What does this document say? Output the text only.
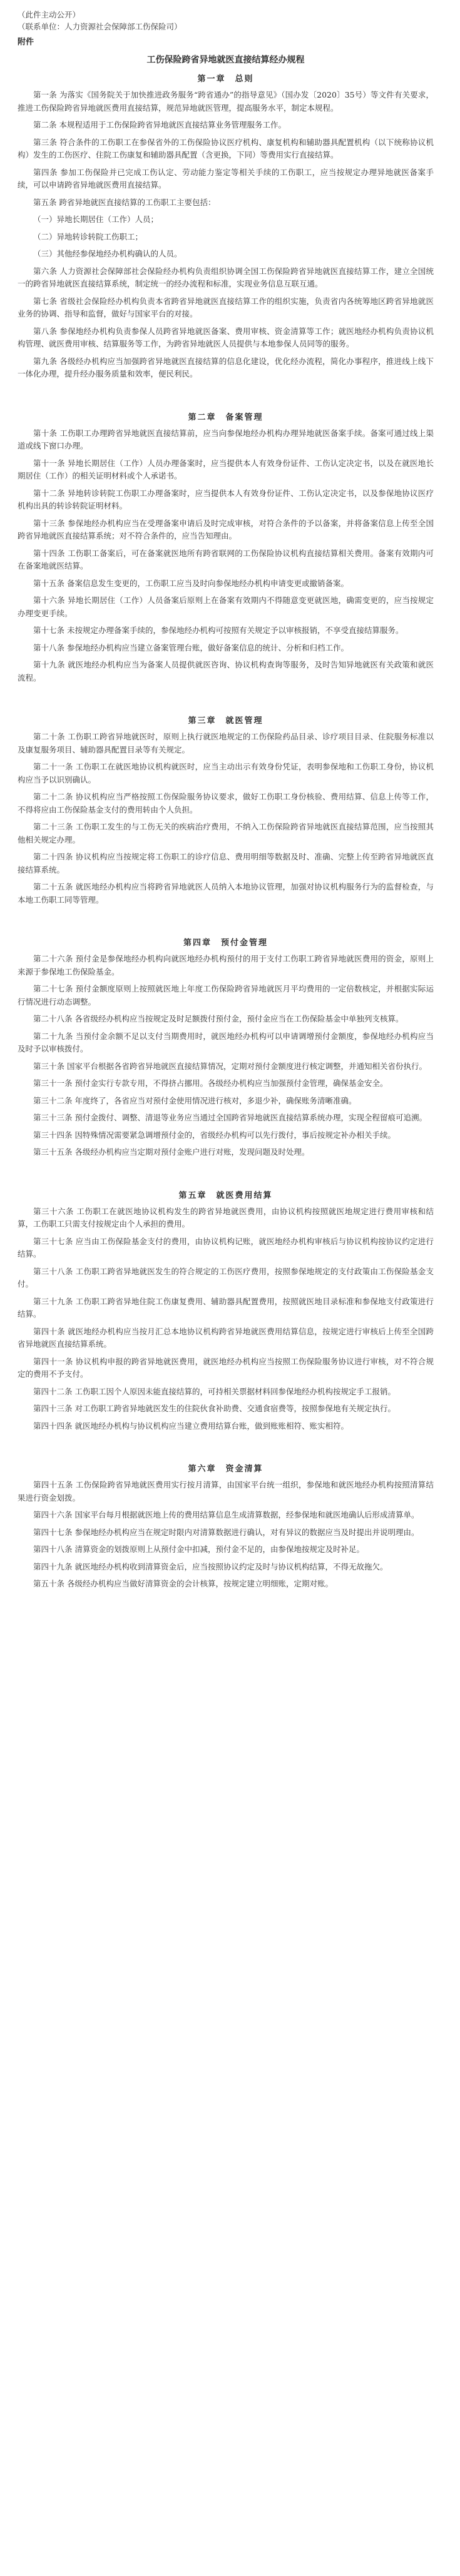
（此件主动公开）
（联系单位：人力资源社会保障部工伤保险司）
附件
工伤保险跨省异地就医直接结算经办规程
第一章　总则

第一条 为落实《国务院关于加快推进政务服务“跨省通办”的指导意见》（国办发〔2020〕35号）等文件有关要求，推进工伤保险跨省异地就医费用直接结算，规范异地就医管理，提高服务水平，制定本规程。

第二条 本规程适用于工伤保险跨省异地就医直接结算业务管理服务工作。

第三条 符合条件的工伤职工在参保省外的工伤保险协议医疗机构、康复机构和辅助器具配置机构（以下统称协议机构）发生的工伤医疗、住院工伤康复和辅助器具配置（含更换，下同）等费用实行直接结算。

第四条 参加工伤保险并已完成工伤认定、劳动能力鉴定等相关手续的工伤职工，应当按规定办理异地就医备案手续，可以申请跨省异地就医费用直接结算。

第五条 跨省异地就医直接结算的工伤职工主要包括：

（一）异地长期居住（工作）人员；

（二）异地转诊转院工伤职工；

（三）其他经参保地经办机构确认的人员。

第六条 人力资源社会保障部社会保险经办机构负责组织协调全国工伤保险跨省异地就医直接结算工作，建立全国统一的跨省异地就医直接结算系统，制定统一的经办流程和标准，实现业务信息互联互通。

第七条 省级社会保险经办机构负责本省跨省异地就医直接结算工作的组织实施，负责省内各统筹地区跨省异地就医业务的协调、指导和监督，做好与国家平台的对接。

第八条 参保地经办机构负责参保人员跨省异地就医备案、费用审核、资金清算等工作；就医地经办机构负责协议机构管理、就医费用审核、结算服务等工作，为跨省异地就医人员提供与本地参保人员同等的服务。

第九条 各级经办机构应当加强跨省异地就医直接结算的信息化建设，优化经办流程，简化办事程序，推进线上线下一体化办理，提升经办服务质量和效率，便民利民。

第二章　备案管理

第十条 工伤职工办理跨省异地就医直接结算前，应当向参保地经办机构办理异地就医备案手续。备案可通过线上渠道或线下窗口办理。

第十一条 异地长期居住（工作）人员办理备案时，应当提供本人有效身份证件、工伤认定决定书，以及在就医地长期居住（工作）的相关证明材料或个人承诺书。

第十二条 异地转诊转院工伤职工办理备案时，应当提供本人有效身份证件、工伤认定决定书，以及参保地协议医疗机构出具的转诊转院证明材料。

第十三条 参保地经办机构应当在受理备案申请后及时完成审核，对符合条件的予以备案，并将备案信息上传至全国跨省异地就医直接结算系统；对不符合条件的，应当告知理由。

第十四条 工伤职工备案后，可在备案就医地所有跨省联网的工伤保险协议机构直接结算相关费用。备案有效期内可在备案地就医结算。

第十五条 备案信息发生变更的，工伤职工应当及时向参保地经办机构申请变更或撤销备案。

第十六条 异地长期居住（工作）人员备案后原则上在备案有效期内不得随意变更就医地，确需变更的，应当按规定办理变更手续。

第十七条 未按规定办理备案手续的，参保地经办机构可按照有关规定予以审核报销，不享受直接结算服务。

第十八条 参保地经办机构应当建立备案管理台账，做好备案信息的统计、分析和归档工作。

第十九条 就医地经办机构应当为备案人员提供就医咨询、协议机构查询等服务，及时告知异地就医有关政策和就医流程。

第三章　就医管理

第二十条 工伤职工跨省异地就医时，原则上执行就医地规定的工伤保险药品目录、诊疗项目目录、住院服务标准以及康复服务项目、辅助器具配置目录等有关规定。

第二十一条 工伤职工在就医地协议机构就医时，应当主动出示有效身份凭证，表明参保地和工伤职工身份，协议机构应当予以识别确认。

第二十二条 协议机构应当严格按照工伤保险服务协议要求，做好工伤职工身份核验、费用结算、信息上传等工作，不得将应由工伤保险基金支付的费用转由个人负担。

第二十三条 工伤职工发生的与工伤无关的疾病治疗费用，不纳入工伤保险跨省异地就医直接结算范围，应当按照其他相关规定办理。

第二十四条 协议机构应当按规定将工伤职工的诊疗信息、费用明细等数据及时、准确、完整上传至跨省异地就医直接结算系统。

第二十五条 就医地经办机构应当将跨省异地就医人员纳入本地协议管理，加强对协议机构服务行为的监督检查，与本地工伤职工同等管理。

第四章　预付金管理

第二十六条 预付金是参保地经办机构向就医地经办机构预付的用于支付工伤职工跨省异地就医费用的资金，原则上来源于参保地工伤保险基金。

第二十七条 预付金额度原则上按照就医地上年度工伤保险跨省异地就医月平均费用的一定倍数核定，并根据实际运行情况进行动态调整。

第二十八条 各省级经办机构应当按规定及时足额拨付预付金，预付金应当在工伤保险基金中单独列支核算。

第二十九条 当预付金余额不足以支付当期费用时，就医地经办机构可以申请调增预付金额度，参保地经办机构应当及时予以审核拨付。

第三十条 国家平台根据各省跨省异地就医直接结算情况，定期对预付金额度进行核定调整，并通知相关省份执行。

第三十一条 预付金实行专款专用，不得挤占挪用。各级经办机构应当加强预付金管理，确保基金安全。

第三十二条 年度终了，各省应当对预付金使用情况进行核对，多退少补，确保账务清晰准确。

第三十三条 预付金拨付、调整、清退等业务应当通过全国跨省异地就医直接结算系统办理，实现全程留痕可追溯。

第三十四条 因特殊情况需要紧急调增预付金的，省级经办机构可以先行拨付，事后按规定补办相关手续。

第三十五条 各级经办机构应当定期对预付金账户进行对账，发现问题及时处理。

第五章　就医费用结算

第三十六条 工伤职工在就医地协议机构发生的跨省异地就医费用，由协议机构按照就医地规定进行费用审核和结算，工伤职工只需支付按规定由个人承担的费用。

第三十七条 应当由工伤保险基金支付的费用，由协议机构记账，就医地经办机构审核后与协议机构按协议约定进行结算。

第三十八条 工伤职工跨省异地就医发生的符合规定的工伤医疗费用，按照参保地规定的支付政策由工伤保险基金支付。

第三十九条 工伤职工跨省异地住院工伤康复费用、辅助器具配置费用，按照就医地目录标准和参保地支付政策进行结算。

第四十条 就医地经办机构应当按月汇总本地协议机构跨省异地就医费用结算信息，按规定进行审核后上传至全国跨省异地就医直接结算系统。

第四十一条 协议机构申报的跨省异地就医费用，就医地经办机构应当按照工伤保险服务协议进行审核，对不符合规定的费用不予支付。

第四十二条 工伤职工因个人原因未能直接结算的，可持相关票据材料回参保地经办机构按规定手工报销。

第四十三条 对工伤职工跨省异地就医发生的住院伙食补助费、交通食宿费等，按照参保地有关规定执行。

第四十四条 就医地经办机构与协议机构应当建立费用结算台账，做到账账相符、账实相符。

第六章　资金清算

第四十五条 工伤保险跨省异地就医费用实行按月清算，由国家平台统一组织，参保地和就医地经办机构按照清算结果进行资金划拨。

第四十六条 国家平台每月根据就医地上传的费用结算信息生成清算数据，经参保地和就医地确认后形成清算单。

第四十七条 参保地经办机构应当在规定时限内对清算数据进行确认，对有异议的数据应当及时提出并说明理由。

第四十八条 清算资金的划拨原则上从预付金中扣减，预付金不足的，由参保地按规定及时补足。

第四十九条 就医地经办机构收到清算资金后，应当按照协议约定及时与协议机构结算，不得无故拖欠。

第五十条 各级经办机构应当做好清算资金的会计核算，按规定建立明细账，定期对账。
